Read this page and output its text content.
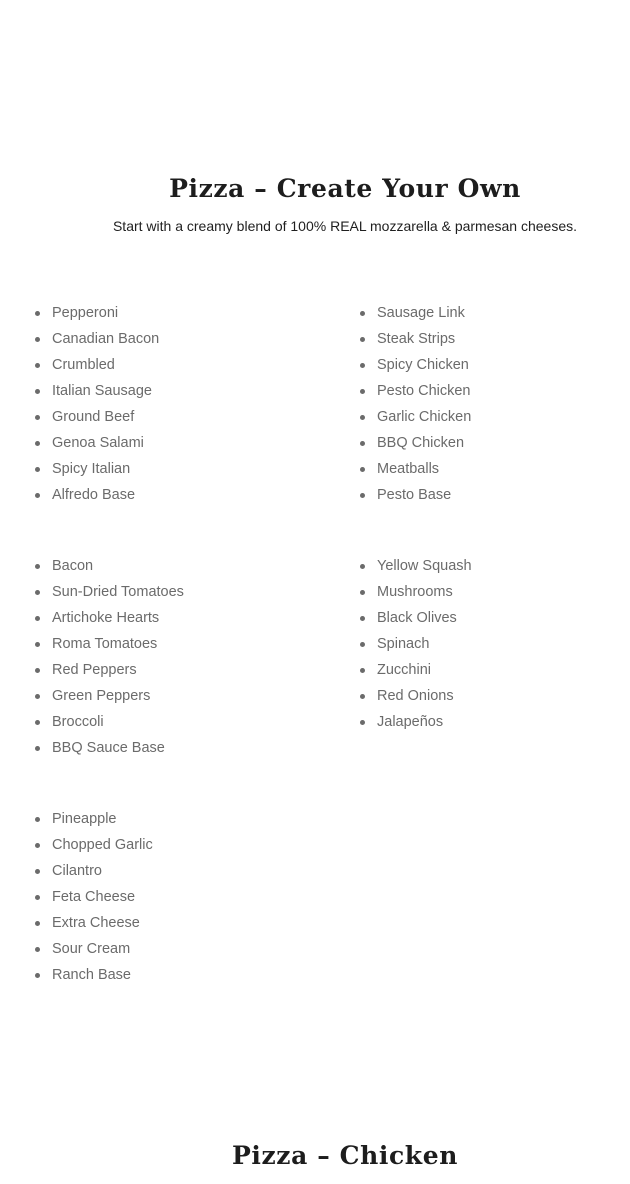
Pizza – Create Your Own

Start with a creamy blend of 100% REAL mozzarella & parmesan cheeses.

Pepperoni
Canadian Bacon
Crumbled
Italian Sausage
Ground Beef
Genoa Salami
Spicy Italian
Alfredo Base
Sausage Link
Steak Strips
Spicy Chicken
Pesto Chicken
Garlic Chicken
BBQ Chicken
Meatballs
Pesto Base
Bacon
Sun-Dried Tomatoes
Artichoke Hearts
Roma Tomatoes
Red Peppers
Green Peppers
Broccoli
BBQ Sauce Base
Yellow Squash
Mushrooms
Black Olives
Spinach
Zucchini
Red Onions
Jalapeños
Pineapple
Chopped Garlic
Cilantro
Feta Cheese
Extra Cheese
Sour Cream
Ranch Base
Pizza – Chicken
